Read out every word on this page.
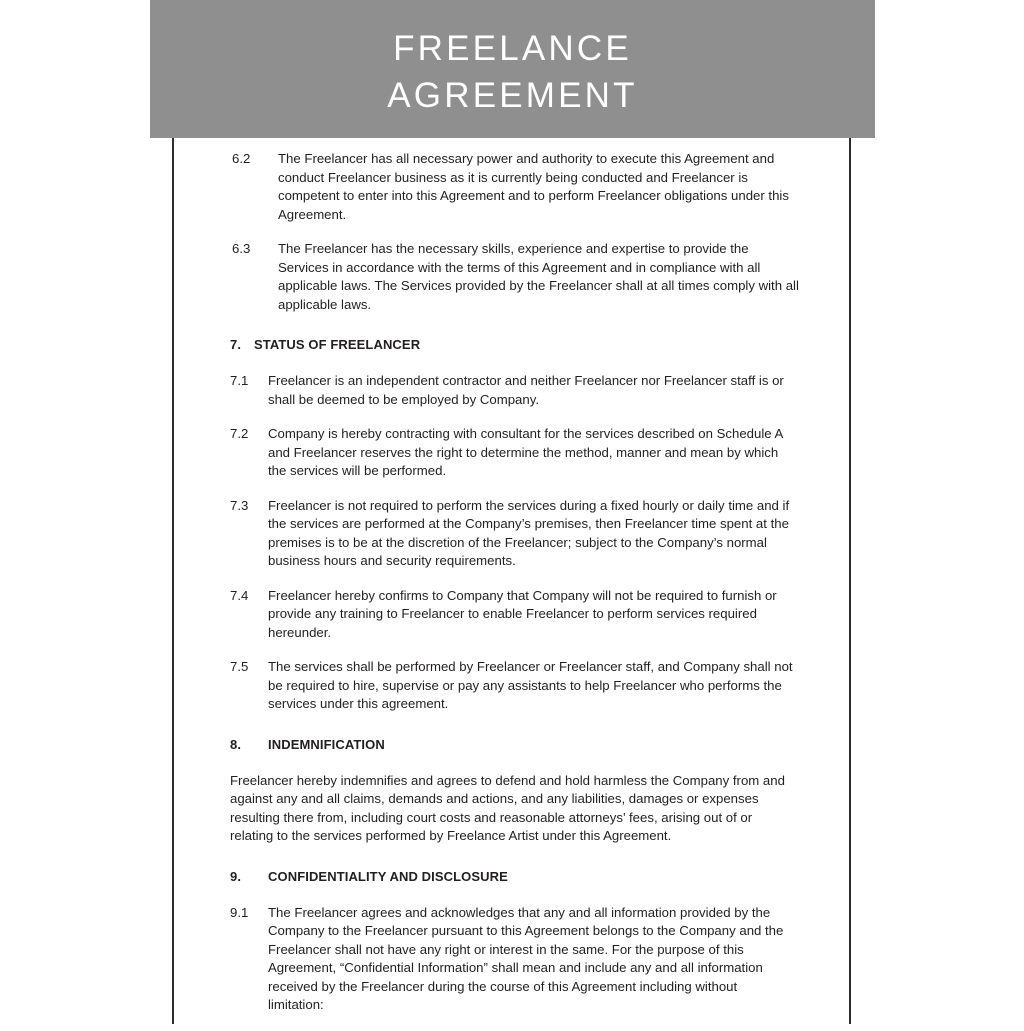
FREELANCE
AGREEMENT
6.2	The Freelancer has all necessary power and authority to execute this Agreement and conduct Freelancer business as it is currently being conducted and Freelancer is competent to enter into this Agreement and to perform Freelancer obligations under this Agreement.
6.3	The Freelancer has the necessary skills, experience and expertise to provide the Services in accordance with the terms of this Agreement and in compliance with all applicable laws. The Services provided by the Freelancer shall at all times comply with all applicable laws.
7. STATUS OF FREELANCER
7.1	Freelancer is an independent contractor and neither Freelancer nor Freelancer staff is or shall be deemed to be employed by Company.
7.2	Company is hereby contracting with consultant for the services described on Schedule A and Freelancer reserves the right to determine the method, manner and mean by which the services will be performed.
7.3	Freelancer is not required to perform the services during a fixed hourly or daily time and if the services are performed at the Company’s premises, then Freelancer time spent at the premises is to be at the discretion of the Freelancer; subject to the Company’s normal business hours and security requirements.
7.4	Freelancer hereby confirms to Company that Company will not be required to furnish or provide any training to Freelancer to enable Freelancer to perform services required hereunder.
7.5	The services shall be performed by Freelancer or Freelancer staff, and Company shall not be required to hire, supervise or pay any assistants to help Freelancer who performs the services under this agreement.
8.	INDEMNIFICATION
Freelancer hereby indemnifies and agrees to defend and hold harmless the Company from and against any and all claims, demands and actions, and any liabilities, damages or expenses resulting there from, including court costs and reasonable attorneys’ fees, arising out of or relating to the services performed by Freelance Artist under this Agreement.
9.	CONFIDENTIALITY AND DISCLOSURE
9.1	The Freelancer agrees and acknowledges that any and all information provided by the Company to the Freelancer pursuant to this Agreement belongs to the Company and the Freelancer shall not have any right or interest in the same. For the purpose of this Agreement, “Confidential Information” shall mean and include any and all information received by the Freelancer during the course of this Agreement including without limitation:
